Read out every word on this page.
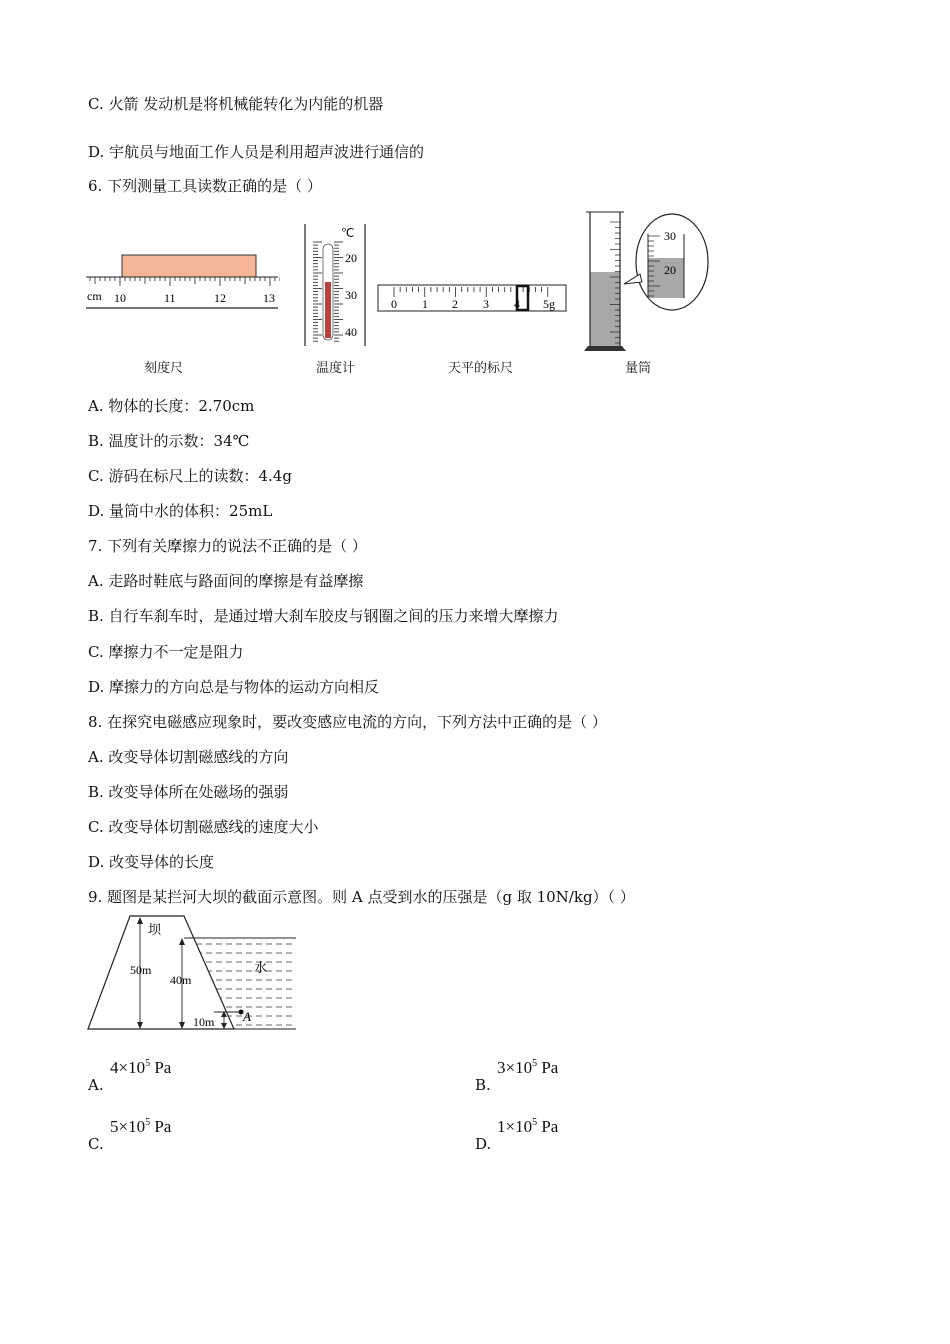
C. 火箭 发动机是将机械能转化为内能的机器
D. 宇航员与地面工作人员是利用超声波进行通信的
6. 下列测量工具读数正确的是（ ）
cm 10	11	12	13
℃
20
30
40
0 1 2 3 4 5g
30
20
刻度尺	温度计	天平的标尺	量筒
A. 物体的长度：2.70cm
B. 温度计的示数：34℃
C. 游码在标尺上的读数：4.4g
D. 量筒中水的体积：25mL
7. 下列有关摩擦力的说法不正确的是（ ）
A. 走路时鞋底与路面间的摩擦是有益摩擦
B. 自行车刹车时，是通过增大刹车胶皮与钢圈之间的压力来增大摩擦力
C. 摩擦力不一定是阻力
D. 摩擦力的方向总是与物体的运动方向相反
8. 在探究电磁感应现象时，要改变感应电流的方向，下列方法中正确的是（ ）
A. 改变导体切割磁感线的方向
B. 改变导体所在处磁场的强弱
C. 改变导体切割磁感线的速度大小
D. 改变导体的长度
9. 题图是某拦河大坝的截面示意图。则 A 点受到水的压强是（g 取 10N/kg）（ ）
坝
水
50m
40m
10m A
A.
$4\times 10^5$ Pa
B.
$3\times 10^5$ Pa
C.
$5\times 10^5$ Pa
D.
$1\times 10^5$ Pa
